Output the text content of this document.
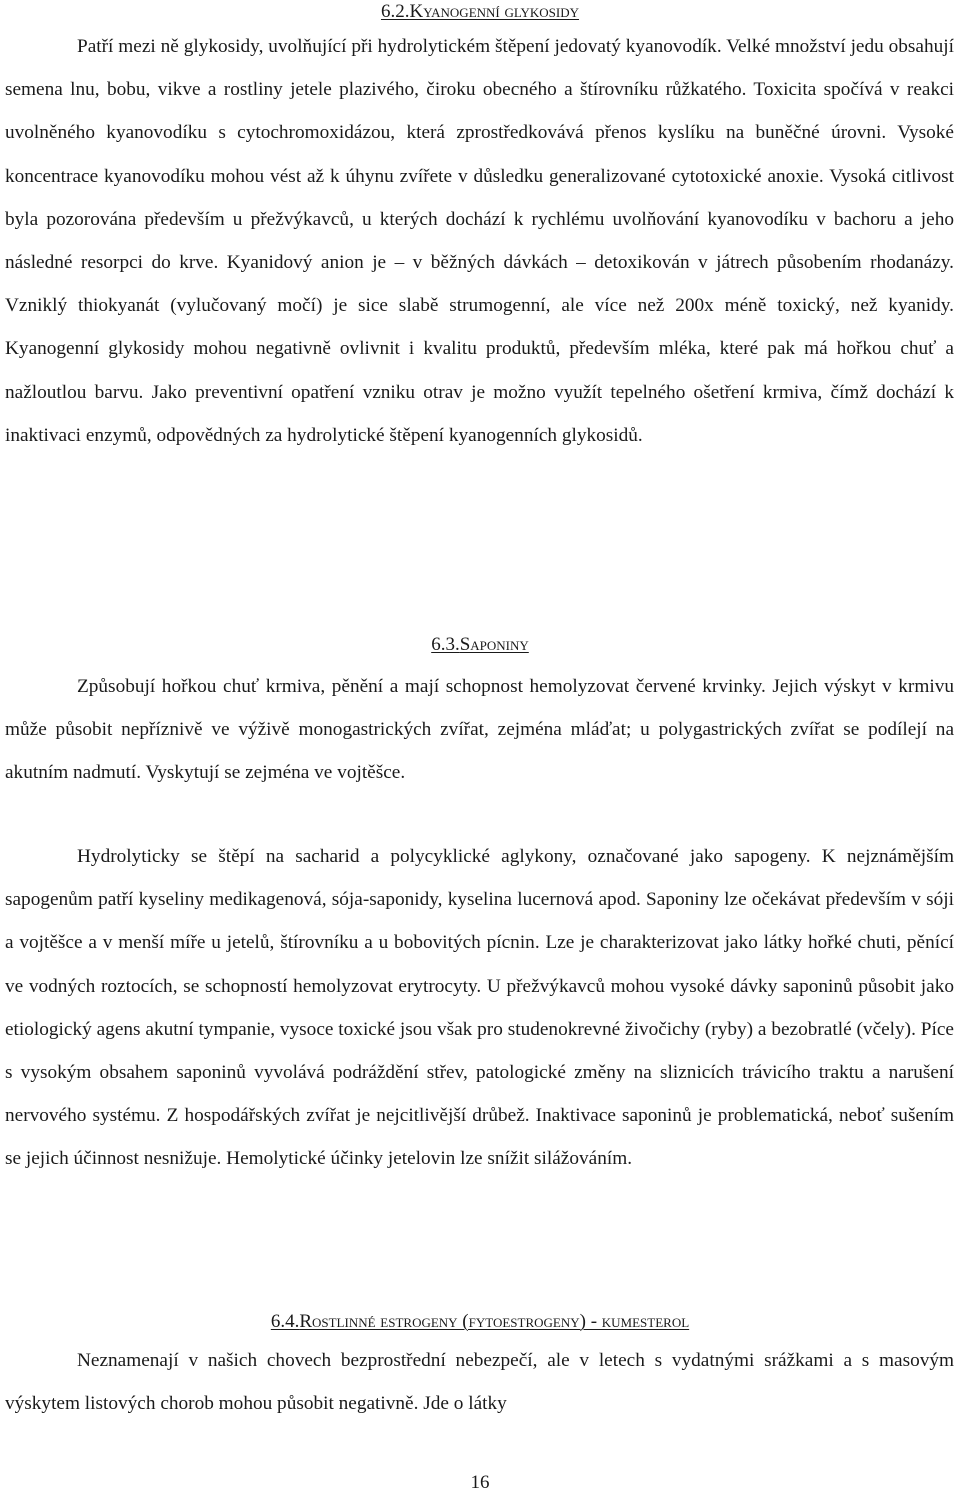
6.2.Kyanogenní glykosidy

Patří mezi ně glykosidy, uvolňující při hydrolytickém štěpení jedovatý kyanovodík. Velké množství jedu obsahují semena lnu, bobu, vikve a rostliny jetele plazivého, čiroku obecného a štírovníku růžkatého. Toxicita spočívá v reakci uvolněného kyanovodíku s cytochromoxidázou, která zprostředkovává přenos kyslíku na buněčné úrovni. Vysoké koncentrace kyanovodíku mohou vést až k úhynu zvířete v důsledku generalizované cytotoxické anoxie. Vysoká citlivost byla pozorována především u přežvýkavců, u kterých dochází k rychlému uvolňování kyanovodíku v bachoru a jeho následné resorpci do krve. Kyanidový anion je – v běžných dávkách – detoxikován v játrech působením rhodanázy. Vzniklý thiokyanát (vylučovaný močí) je sice slabě strumogenní, ale více než 200x méně toxický, než kyanidy. Kyanogenní glykosidy mohou negativně ovlivnit i kvalitu produktů, především mléka, které pak má hořkou chuť a nažloutlou barvu. Jako preventivní opatření vzniku otrav je možno využít tepelného ošetření krmiva, čímž dochází k inaktivaci enzymů, odpovědných za hydrolytické štěpení kyanogenních glykosidů.

6.3.Saponiny

Způsobují hořkou chuť krmiva, pěnění a mají schopnost hemolyzovat červené krvinky. Jejich výskyt v krmivu může působit nepříznivě ve výživě monogastrických zvířat, zejména mláďat; u polygastrických zvířat se podílejí na akutním nadmutí. Vyskytují se zejména ve vojtěšce.

Hydrolyticky se štěpí na sacharid a polycyklické aglykony, označované jako sapogeny. K nejznámějším sapogenům patří kyseliny medikagenová, sója-saponidy, kyselina lucernová apod. Saponiny lze očekávat především v sóji a vojtěšce a v menší míře u jetelů, štírovníku a u bobovitých pícnin. Lze je charakterizovat jako látky hořké chuti, pěnící ve vodných roztocích, se schopností hemolyzovat erytrocyty. U přežvýkavců mohou vysoké dávky saponinů působit jako etiologický agens akutní tympanie, vysoce toxické jsou však pro studenokrevné živočichy (ryby) a bezobratlé (včely). Píce s vysokým obsahem saponinů vyvolává podráždění střev, patologické změny na sliznicích trávicího traktu a narušení nervového systému. Z hospodářských zvířat je nejcitlivější drůbež. Inaktivace saponinů je problematická, neboť sušením se jejich účinnost nesnižuje. Hemolytické účinky jetelovin lze snížit silážováním.

6.4.Rostlinné estrogeny (fytoestrogeny) - kumesterol

Neznamenají v našich chovech bezprostřední nebezpečí, ale v letech s vydatnými srážkami a s masovým výskytem listových chorob mohou působit negativně. Jde o látky

16
